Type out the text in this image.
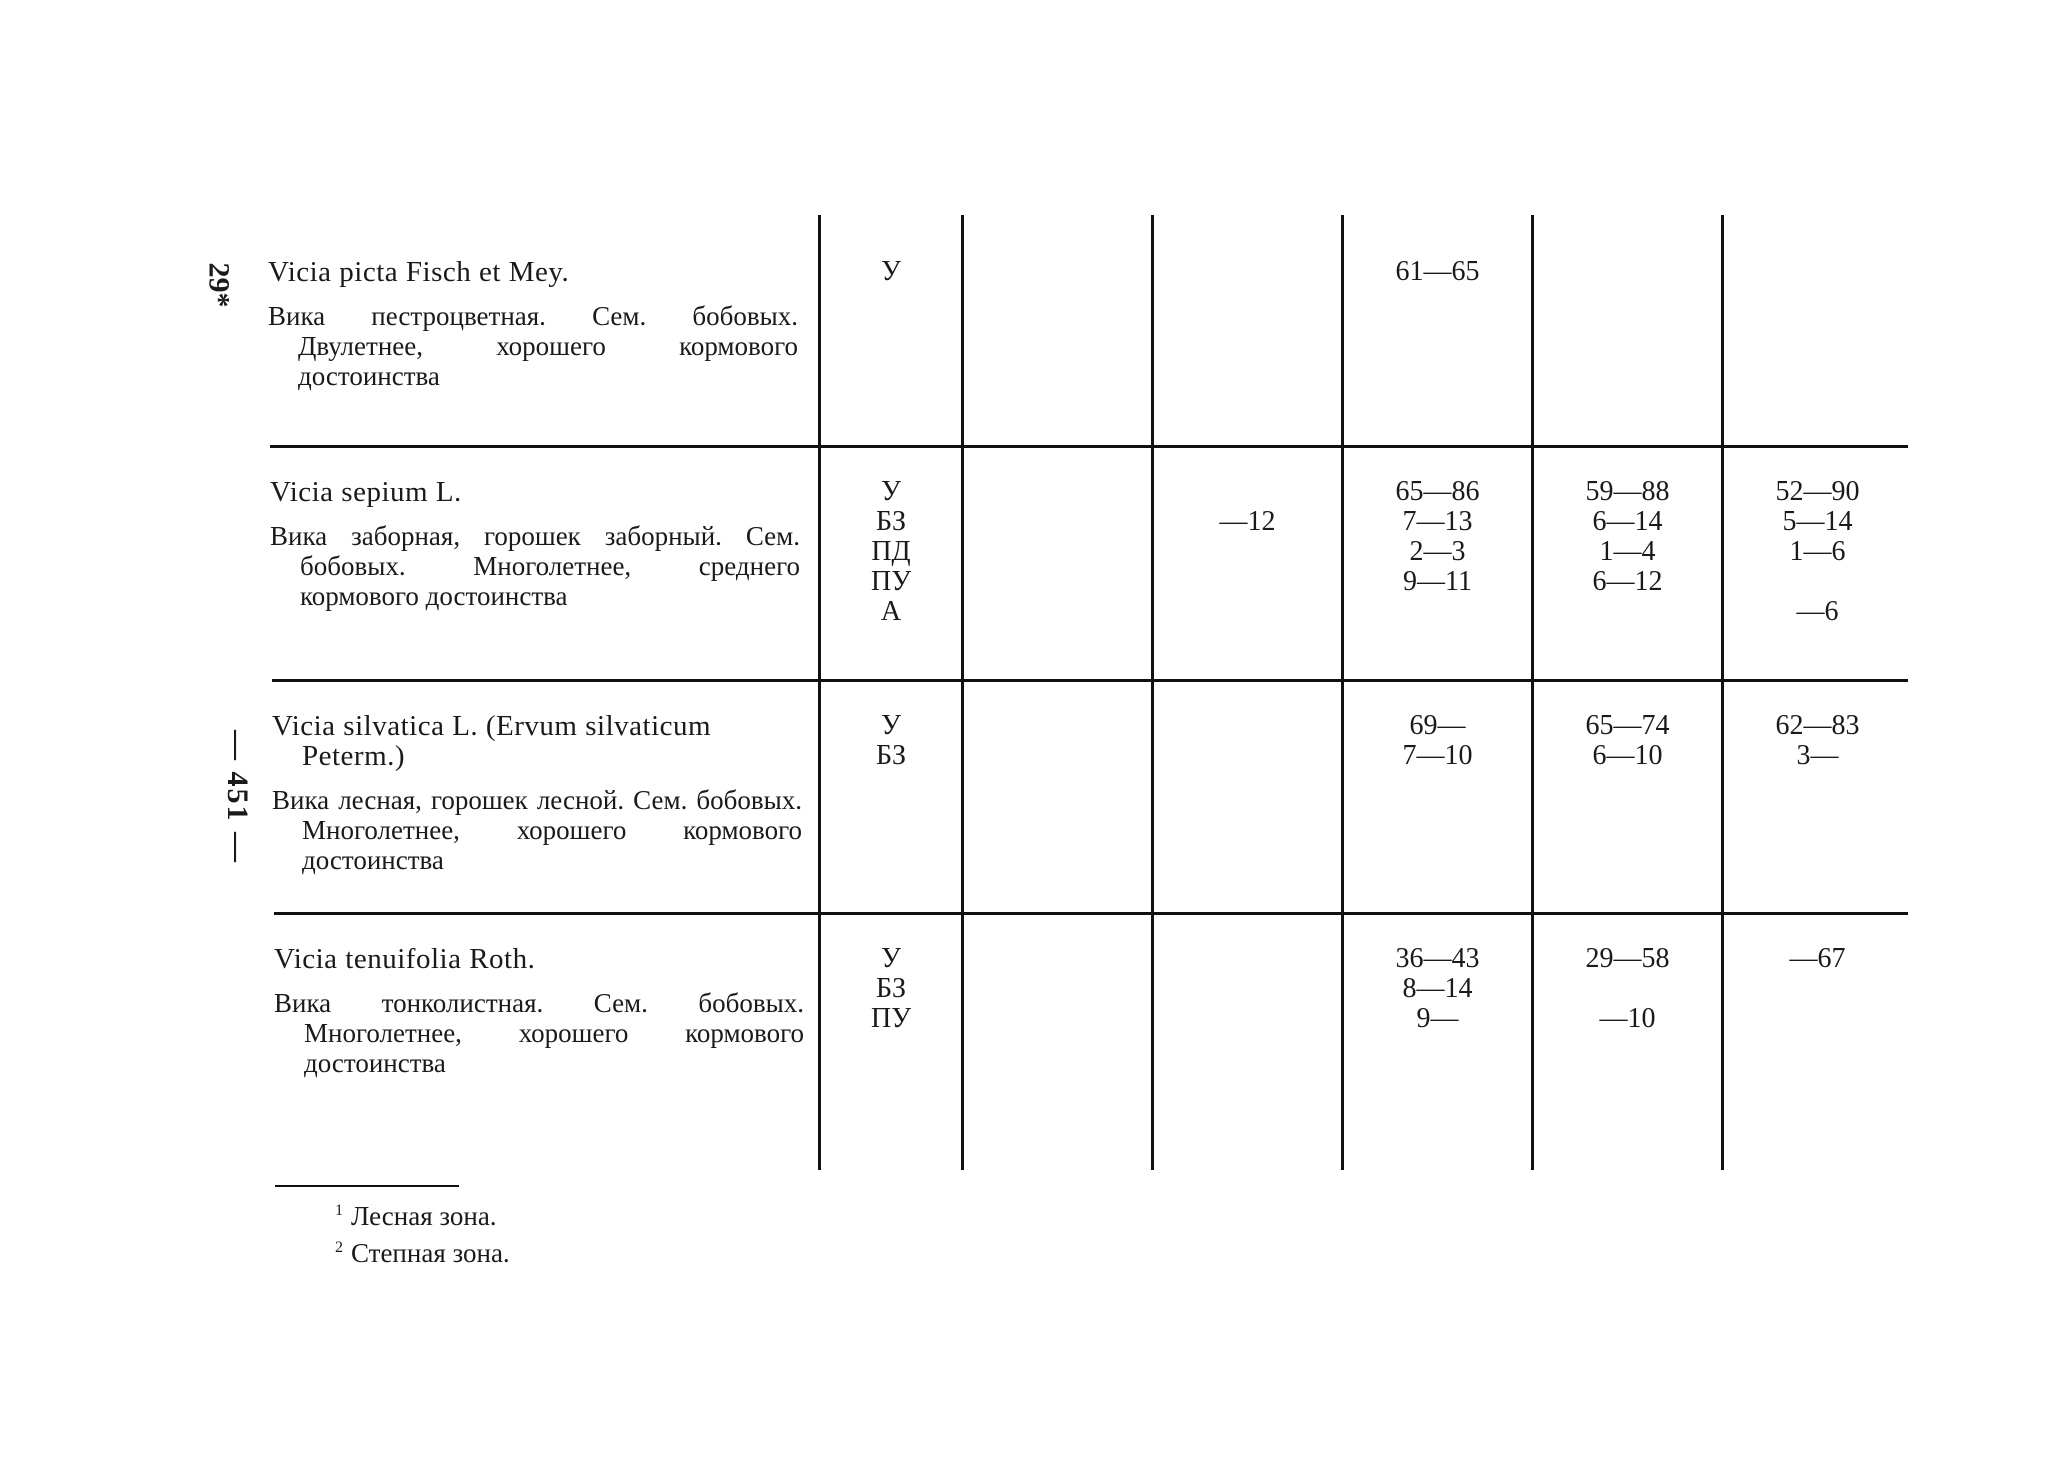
29*
— 451 —
Vicia picta Fisch et Mey.
Вика пестроцветная. Сем. бобовых. Двулетнее, хорошего кормового достоинства
У	61—65
Vicia sepium L.
Вика заборная, горошек заборный. Сем. бобовых. Многолетнее, среднего кормового достоинства
У
БЗ
ПД
ПУ
А

—12
65—86
7—13
2—3
9—11
59—88
6—14
1—4
6—12
52—90
5—14
1—6

—6
Vicia silvatica L. (Ervum silvaticum Peterm.)
Вика лесная, горошек лесной. Сем. бобовых. Многолетнее, хорошего кормового достоинства
У
БЗ
69—
7—10
65—74
6—10
62—83
3—
Vicia tenuifolia Roth.
Вика тонколистная. Сем. бобовых. Многолетнее, хорошего кормового достоинства
У
БЗ
ПУ
36—43
8—14
9—
29—58

—10
—67
$^1$ Лесная зона.
$^2$ Степная зона.
